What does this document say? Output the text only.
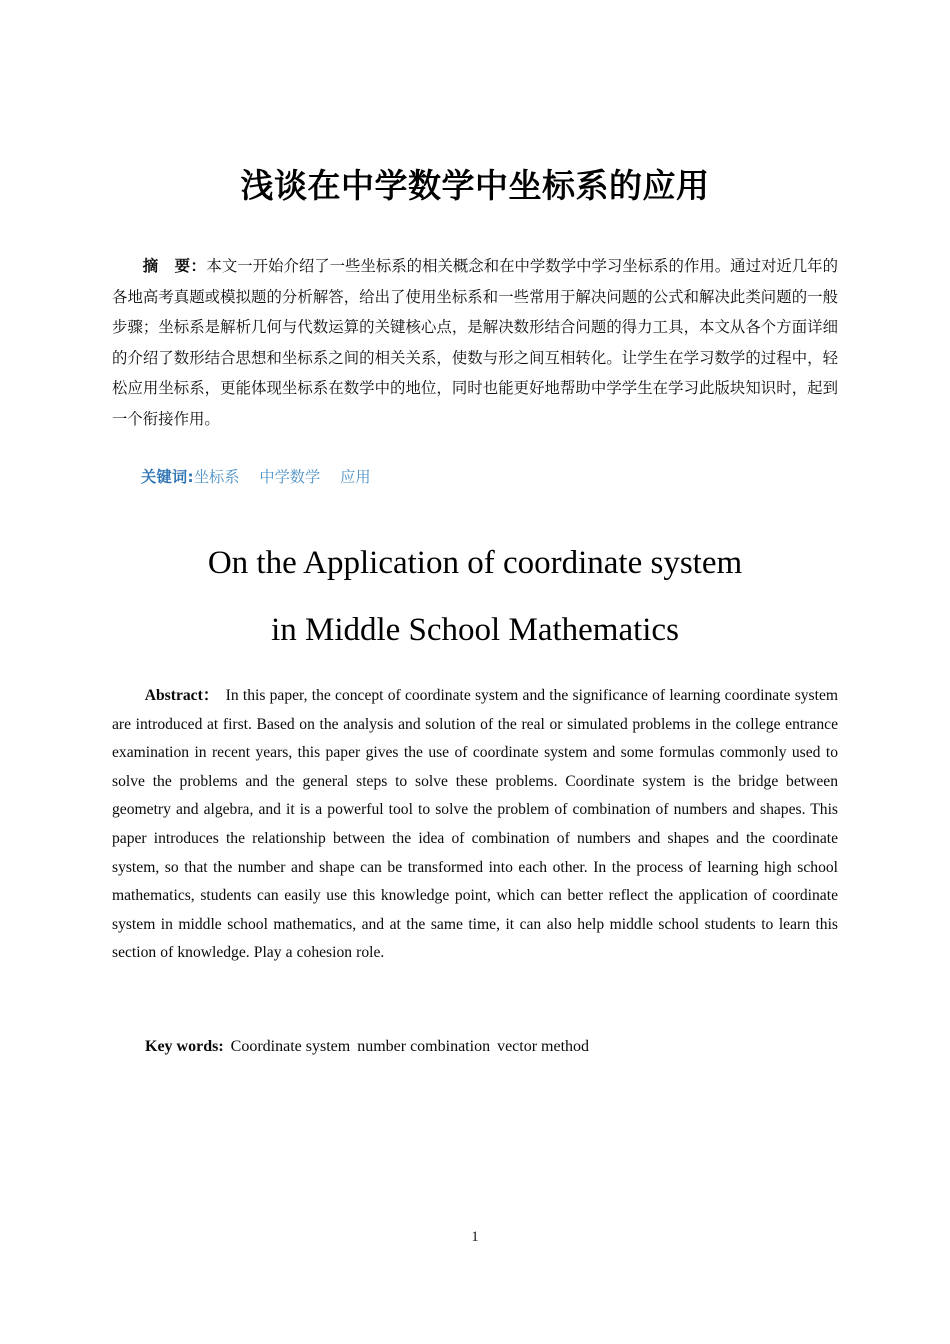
浅谈在中学数学中坐标系的应用

摘　要：本文一开始介绍了一些坐标系的相关概念和在中学数学中学习坐标系的作用。通过对近几年的各地高考真题或模拟题的分析解答，给出了使用坐标系和一些常用于解决问题的公式和解决此类问题的一般步骤；坐标系是解析几何与代数运算的关键核心点，是解决数形结合问题的得力工具，本文从各个方面详细的介绍了数形结合思想和坐标系之间的相关关系，使数与形之间互相转化。让学生在学习数学的过程中，轻松应用坐标系，更能体现坐标系在数学中的地位，同时也能更好地帮助中学学生在学习此版块知识时，起到一个衔接作用。

关键词:坐标系 中学数学 应用

On the Application of coordinate system
in Middle School Mathematics

Abstract： In this paper, the concept of coordinate system and the significance of learning coordinate system are introduced at first. Based on the analysis and solution of the real or simulated problems in the college entrance examination in recent years, this paper gives the use of coordinate system and some formulas commonly used to solve the problems and the general steps to solve these problems. Coordinate system is the bridge between geometry and algebra, and it is a powerful tool to solve the problem of combination of numbers and shapes. This paper introduces the relationship between the idea of combination of numbers and shapes and the coordinate system, so that the number and shape can be transformed into each other. In the process of learning high school mathematics, students can easily use this knowledge point, which can better reflect the application of coordinate system in middle school mathematics, and at the same time, it can also help middle school students to learn this section of knowledge. Play a cohesion role.

Key words: Coordinate system number combination vector method

1
